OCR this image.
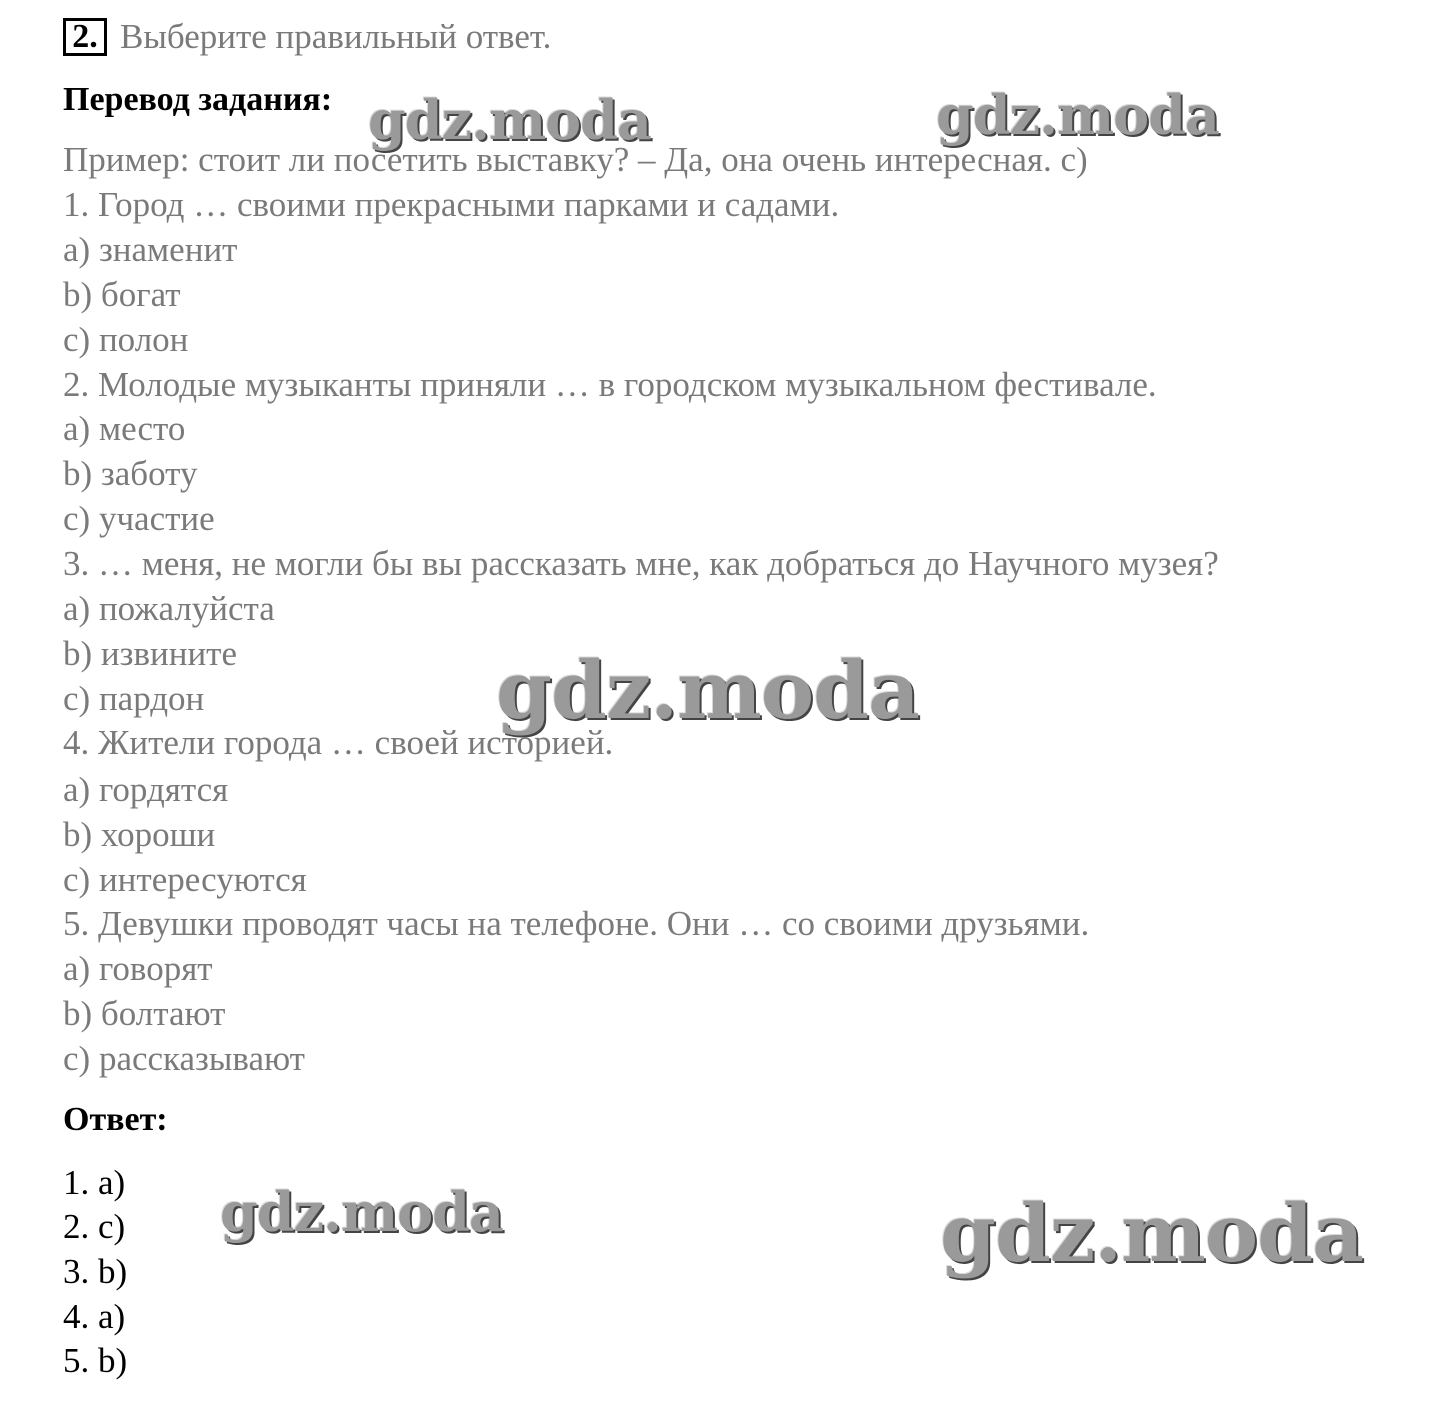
2. Выберите правильный ответ.
Перевод задания:
Пример: стоит ли посетить выставку? – Да, она очень интересная. c)
1. Город … своими прекрасными парками и садами.
a) знаменит
b) богат
c) полон
2. Молодые музыканты приняли … в городском музыкальном фестивале.
a) место
b) заботу
c) участие
3. … меня, не могли бы вы рассказать мне, как добраться до Научного музея?
a) пожалуйста
b) извините
c) пардон
4. Жители города … своей историей.
a) гордятся
b) хороши
c) интересуются
5. Девушки проводят часы на телефоне. Они … со своими друзьями.
a) говорят
b) болтают
c) рассказывают
Ответ:
1. a)
2. c)
3. b)
4. a)
5. b)
gdz.moda	gdz.moda
gdz.moda
gdz.moda	gdz.moda
